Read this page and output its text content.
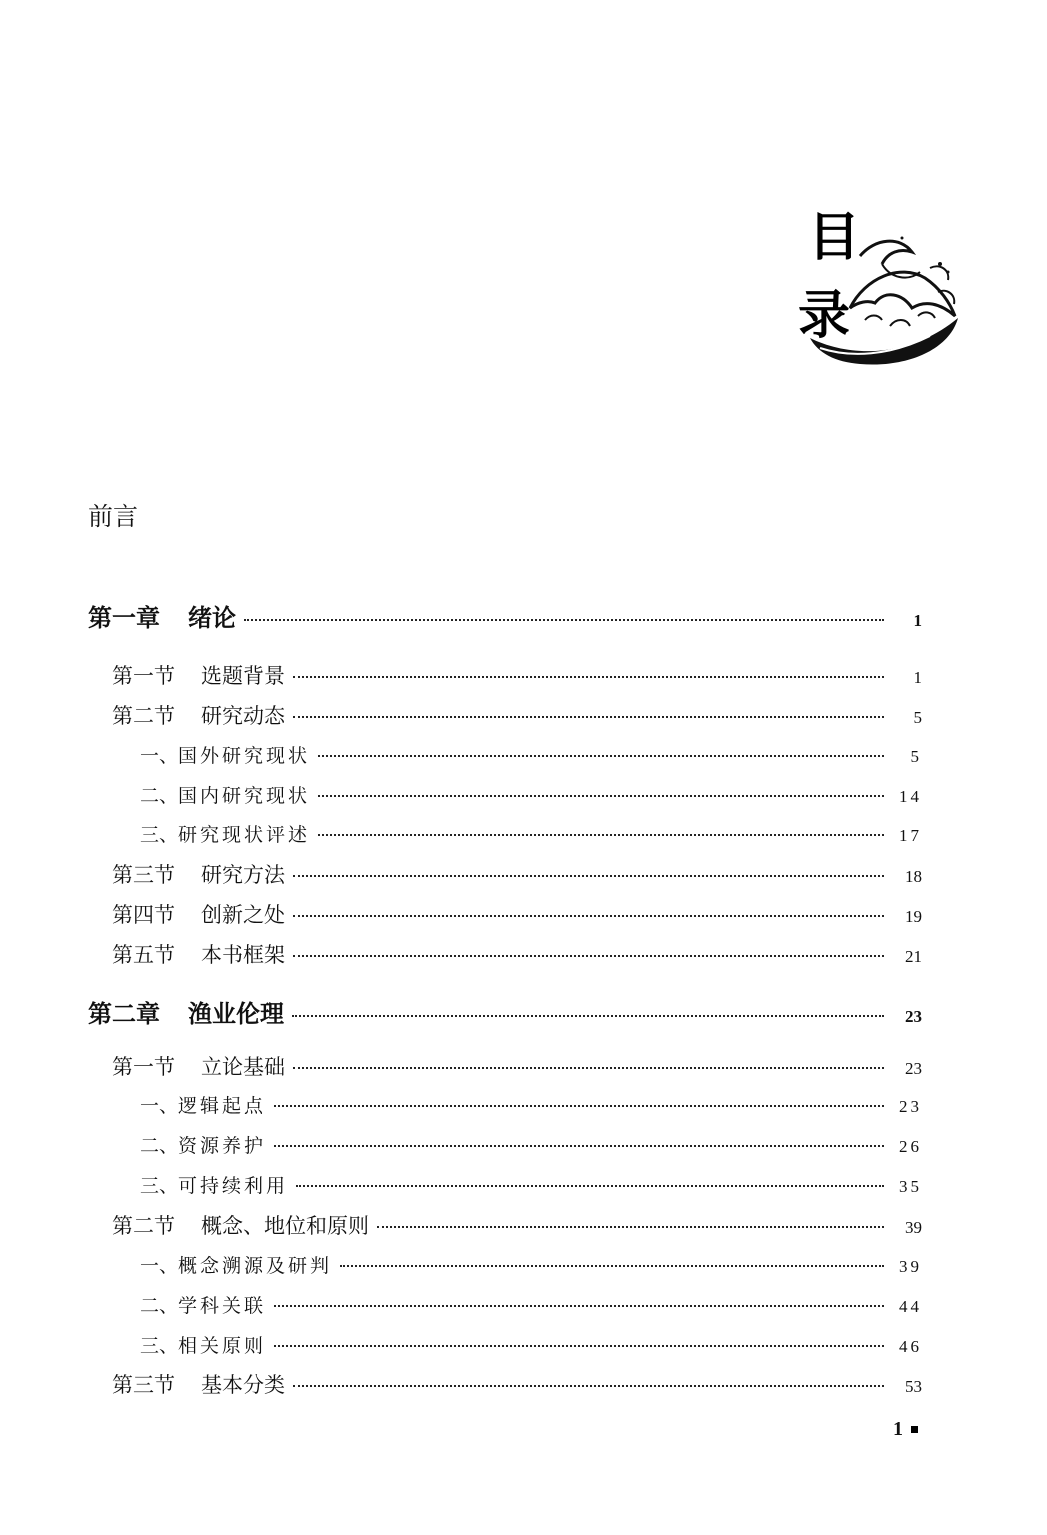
目
录
前言
第一章 绪论	1
第一节 选题背景	1
第二节 研究动态	5
一、 国外研究现状	5
二、 国内研究现状	14
三、 研究现状评述	17
第三节 研究方法	18
第四节 创新之处	19
第五节 本书框架	21
第二章 渔业伦理	23
第一节 立论基础	23
一、 逻辑起点	23
二、 资源养护	26
三、 可持续利用	35
第二节 概念、地位和原则	39
一、 概念溯源及研判	39
二、 学科关联	44
三、 相关原则	46
第三节 基本分类	53
1
